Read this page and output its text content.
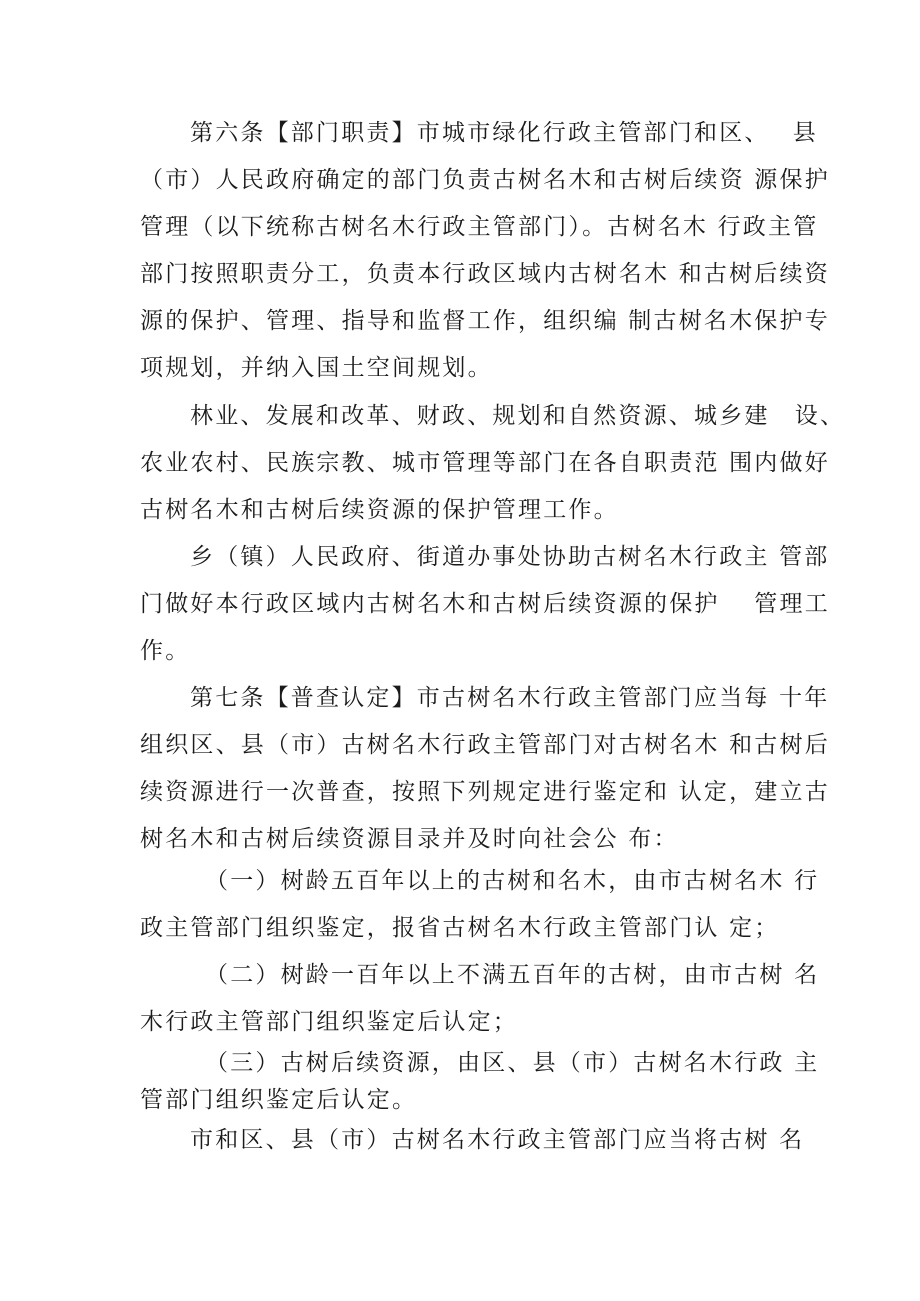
第六条【部门职责】市城市绿化行政主管部门和区、　 县
（市）人民政府确定的部门负责古树名木和古树后续资 源保护
管理（以下统称古树名木行政主管部门）。古树名木 行政主管
部门按照职责分工，负责本行政区域内古树名木 和古树后续资
源的保护、管理、指导和监督工作，组织编 制古树名木保护专
项规划，并纳入国土空间规划。
林业、发展和改革、财政、规划和自然资源、城乡建　设、
农业农村、民族宗教、城市管理等部门在各自职责范 围内做好
古树名木和古树后续资源的保护管理工作。
乡（镇）人民政府、街道办事处协助古树名木行政主 管部
门做好本行政区域内古树名木和古树后续资源的保护　 管理工
作。
第七条【普查认定】市古树名木行政主管部门应当每 十年
组织区、县（市）古树名木行政主管部门对古树名木 和古树后
续资源进行一次普查，按照下列规定进行鉴定和 认定，建立古
树名木和古树后续资源目录并及时向社会公 布：
（一）树龄五百年以上的古树和名木，由市古树名木 行
政主管部门组织鉴定，报省古树名木行政主管部门认 定；
（二）树龄一百年以上不满五百年的古树，由市古树 名
木行政主管部门组织鉴定后认定；
（三）古树后续资源，由区、县（市）古树名木行政 主
管部门组织鉴定后认定。
市和区、县（市）古树名木行政主管部门应当将古树 名
